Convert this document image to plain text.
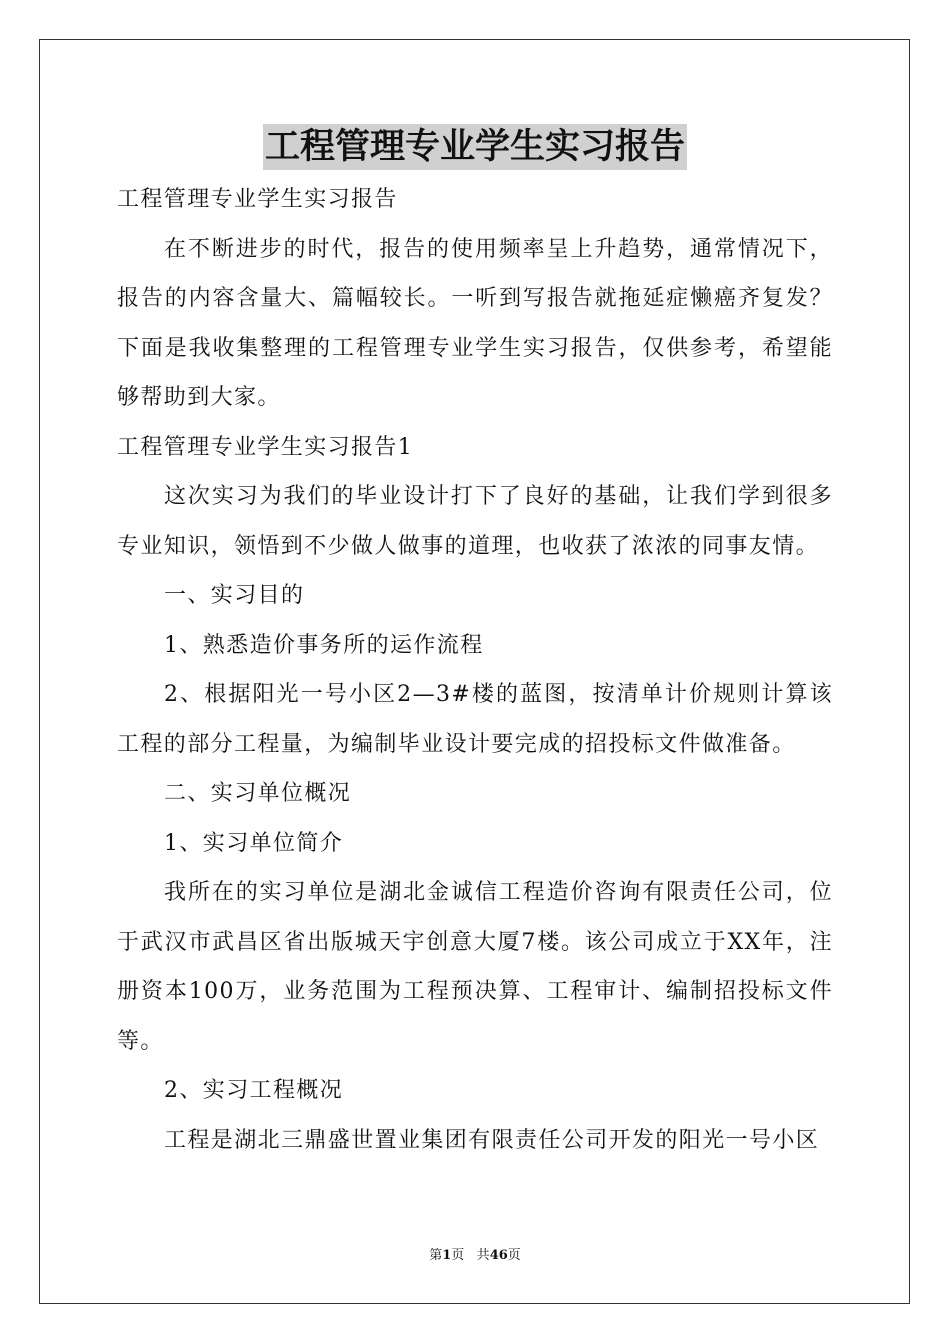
工程管理专业学生实习报告

工程管理专业学生实习报告

在不断进步的时代，报告的使用频率呈上升趋势，通常情况下，报告的内容含量大、篇幅较长。一听到写报告就拖延症懒癌齐复发？下面是我收集整理的工程管理专业学生实习报告，仅供参考，希望能够帮助到大家。

工程管理专业学生实习报告1

这次实习为我们的毕业设计打下了良好的基础，让我们学到很多专业知识，领悟到不少做人做事的道理，也收获了浓浓的同事友情。

一、实习目的

1、熟悉造价事务所的运作流程

2、根据阳光一号小区2—3#楼的蓝图，按清单计价规则计算该工程的部分工程量，为编制毕业设计要完成的招投标文件做准备。

二、实习单位概况

1、实习单位简介

我所在的实习单位是湖北金诚信工程造价咨询有限责任公司，位于武汉市武昌区省出版城天宇创意大厦7楼。该公司成立于XX年，注册资本100万，业务范围为工程预决算、工程审计、编制招投标文件等。

2、实习工程概况

工程是湖北三鼎盛世置业集团有限责任公司开发的阳光一号小区

第1页 共46页
